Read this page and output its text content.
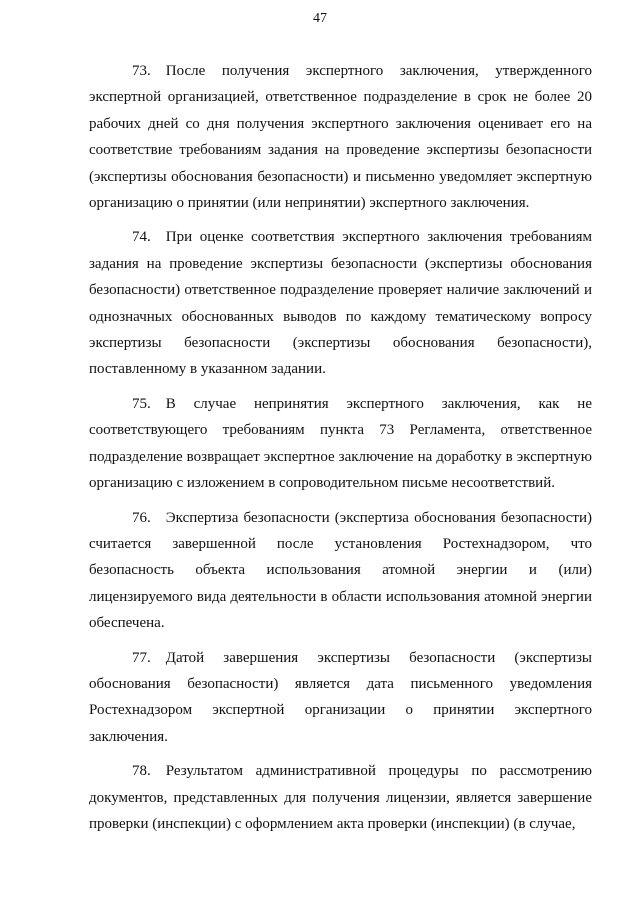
47

73. После получения экспертного заключения, утвержденного экспертной организацией, ответственное подразделение в срок не более 20 рабочих дней со дня получения экспертного заключения оценивает его на соответствие требованиям задания на проведение экспертизы безопасности (экспертизы обоснования безопасности) и письменно уведомляет экспертную организацию о принятии (или непринятии) экспертного заключения.

74. При оценке соответствия экспертного заключения требованиям задания на проведение экспертизы безопасности (экспертизы обоснования безопасности) ответственное подразделение проверяет наличие заключений и однозначных обоснованных выводов по каждому тематическому вопросу экспертизы безопасности (экспертизы обоснования безопасности), поставленному в указанном задании.

75. В случае непринятия экспертного заключения, как не соответствующего требованиям пункта 73 Регламента, ответственное подразделение возвращает экспертное заключение на доработку в экспертную организацию с изложением в сопроводительном письме несоответствий.

76. Экспертиза безопасности (экспертиза обоснования безопасности) считается завершенной после установления Ростехнадзором, что безопасность объекта использования атомной энергии и (или) лицензируемого вида деятельности в области использования атомной энергии обеспечена.

77. Датой завершения экспертизы безопасности (экспертизы обоснования безопасности) является дата письменного уведомления Ростехнадзором экспертной организации о принятии экспертного заключения.

78. Результатом административной процедуры по рассмотрению документов, представленных для получения лицензии, является завершение проверки (инспекции) с оформлением акта проверки (инспекции) (в случае,
